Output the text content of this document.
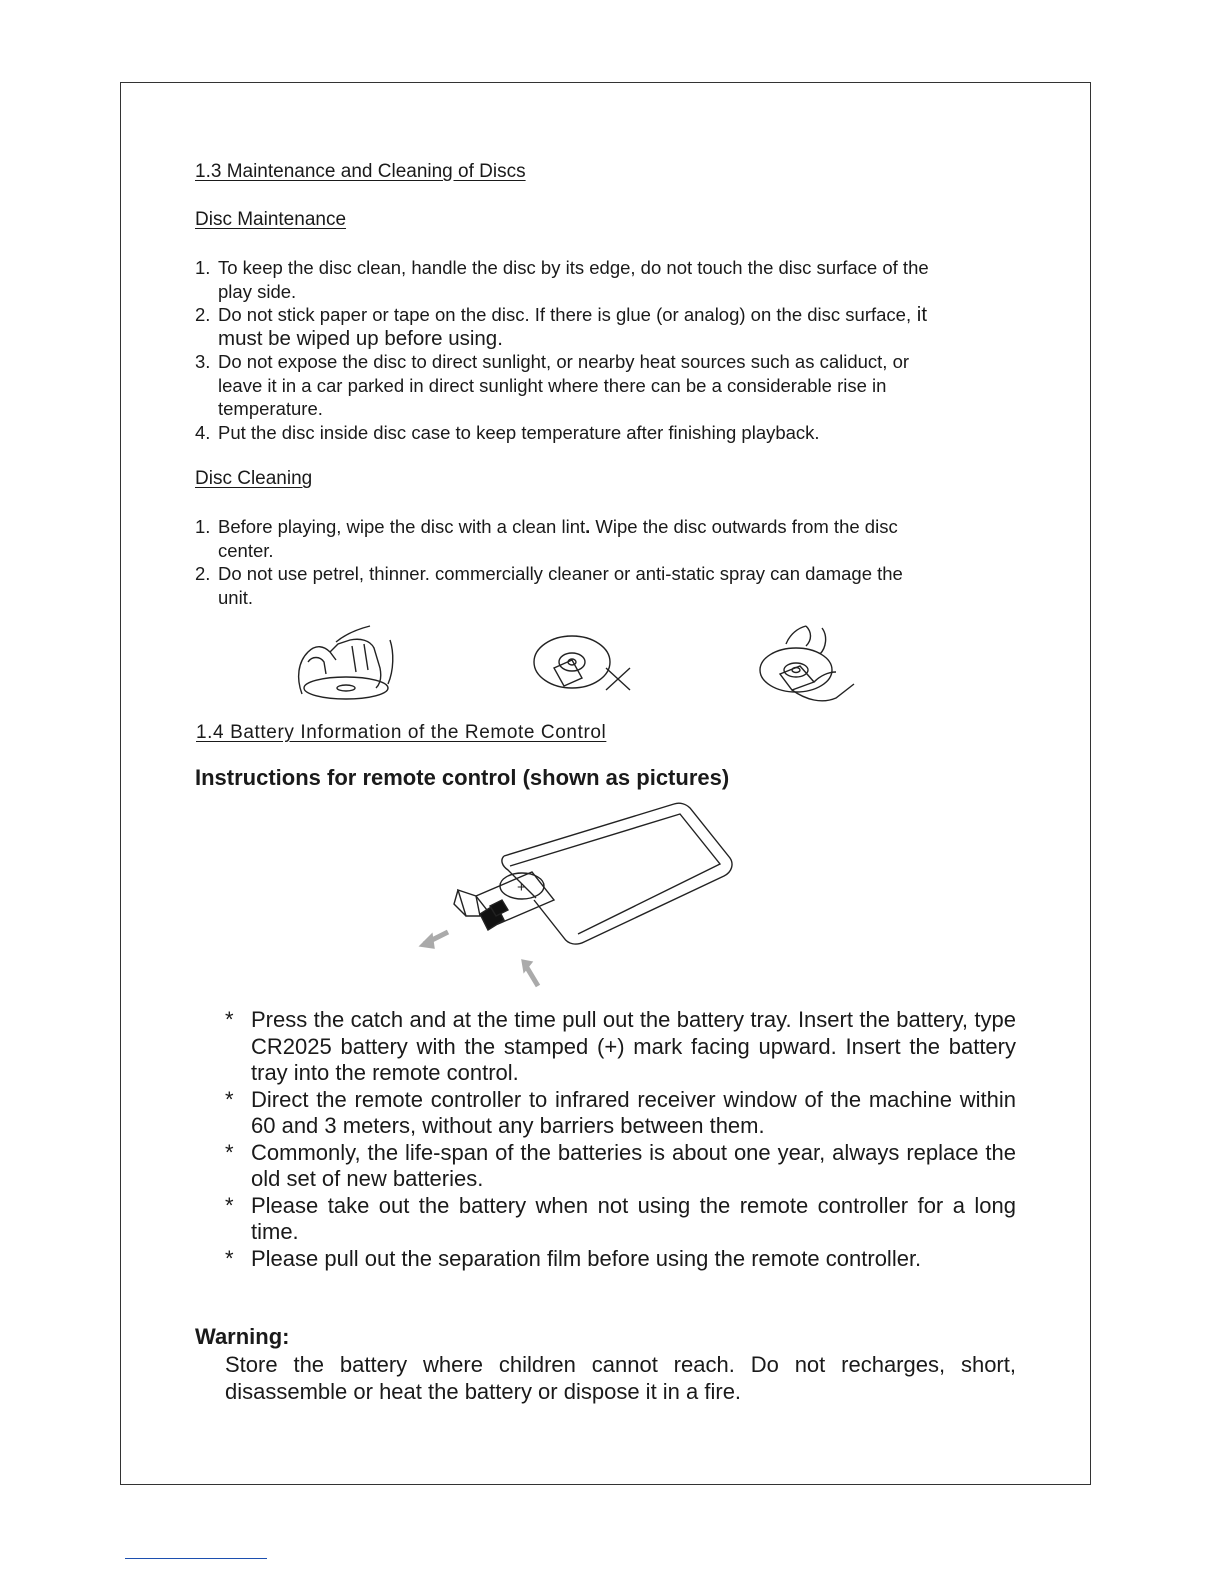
1.3 Maintenance and Cleaning of Discs
Disc Maintenance
1. To keep the disc clean, handle the disc by its edge, do not touch the disc surface of the play side.
2. Do not stick paper or tape on the disc. If there is glue (or analog) on the disc surface, it must be wiped up before using.
3. Do not expose the disc to direct sunlight, or nearby heat sources such as caliduct, or leave it in a car parked in direct sunlight where there can be a considerable rise in temperature.
4. Put the disc inside disc case to keep temperature after finishing playback.
Disc Cleaning
1. Before playing, wipe the disc with a clean lint. Wipe the disc outwards from the disc center.
2. Do not use petrel, thinner. commercially cleaner or anti-static spray can damage the unit.
1.4 Battery Information of the Remote Control
Instructions for remote control (shown as pictures)
+
* Press the catch and at the time pull out the battery tray. Insert the battery, type CR2025 battery with the stamped (+) mark facing upward. Insert the battery tray into the remote control.
* Direct the remote controller to infrared receiver window of the machine within 60 and 3 meters, without any barriers between them.
* Commonly, the life-span of the batteries is about one year, always replace the old set of new batteries.
* Please take out the battery when not using the remote controller for a long time.
* Please pull out the separation film before using the remote controller.
Warning:
Store the battery where children cannot reach. Do not recharges, short, disassemble or heat the battery or dispose it in a fire.
